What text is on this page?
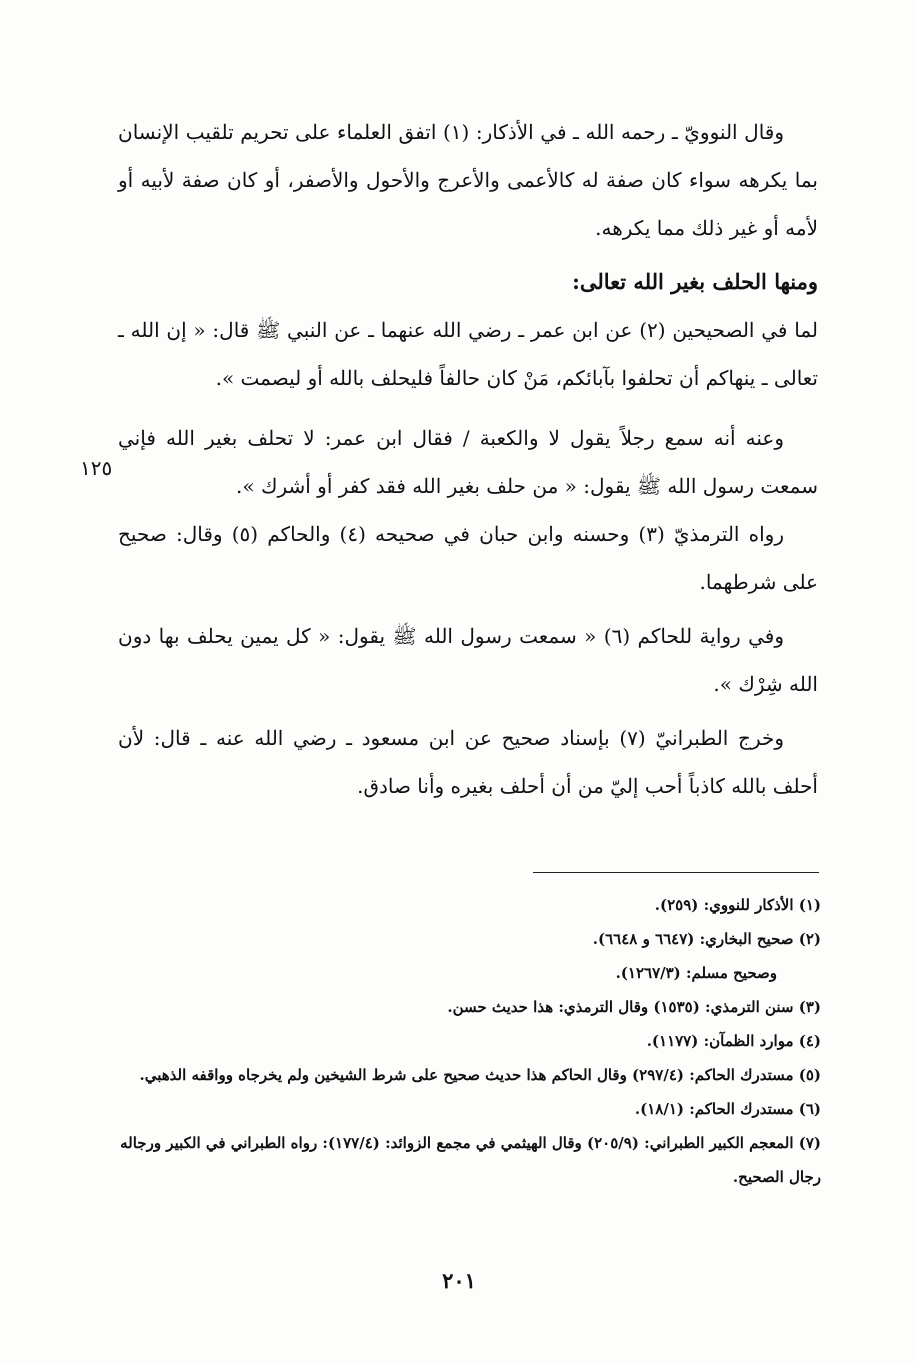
وقال النوويّ ـ رحمه الله ـ في الأذكار: (١) اتفق العلماء على تحريم تلقيب الإنسان بما يكرهه سواء كان صفة له كالأعمى والأعرج والأحول والأصفر، أو كان صفة لأبيه أو لأمه أو غير ذلك مما يكرهه.

ومنها الحلف بغير الله تعالى:

لما في الصحيحين (٢) عن ابن عمر ـ رضي الله عنهما ـ عن النبي ﷺ قال: « إن الله ـ تعالى ـ ينهاكم أن تحلفوا بآبائكم، مَنْ كان حالفاً فليحلف بالله أو ليصمت ».

وعنه أنه سمع رجلاً يقول لا والكعبة / فقال ابن عمر: لا تحلف بغير الله فإني سمعت رسول الله ﷺ يقول: « من حلف بغير الله فقد كفر أو أشرك ».

رواه الترمذيّ (٣) وحسنه وابن حبان في صحيحه (٤) والحاكم (٥) وقال: صحيح على شرطهما.

وفي رواية للحاكم (٦) « سمعت رسول الله ﷺ يقول: « كل يمين يحلف بها دون الله شِرْك ».

وخرج الطبرانيّ (٧) بإسناد صحيح عن ابن مسعود ـ رضي الله عنه ـ قال: لأن أحلف بالله كاذباً أحب إليّ من أن أحلف بغيره وأنا صادق.

١٢٥

(١) الأذكار للنووي: (٢٥٩).

(٢) صحيح البخاري: (٦٦٤٧ و ٦٦٤٨).

وصحيح مسلم: (١٢٦٧/٣).

(٣) سنن الترمذي: (١٥٣٥) وقال الترمذي: هذا حديث حسن.

(٤) موارد الظمآن: (١١٧٧).

(٥) مستدرك الحاكم: (٢٩٧/٤) وقال الحاكم هذا حديث صحيح على شرط الشيخين ولم يخرجاه وواقفه الذهبي.

(٦) مستدرك الحاكم: (١٨/١).

(٧) المعجم الكبير الطبراني: (٢٠٥/٩) وقال الهيثمي في مجمع الزوائد: (١٧٧/٤): رواه الطبراني في الكبير ورجاله رجال الصحيح.

٢٠١
